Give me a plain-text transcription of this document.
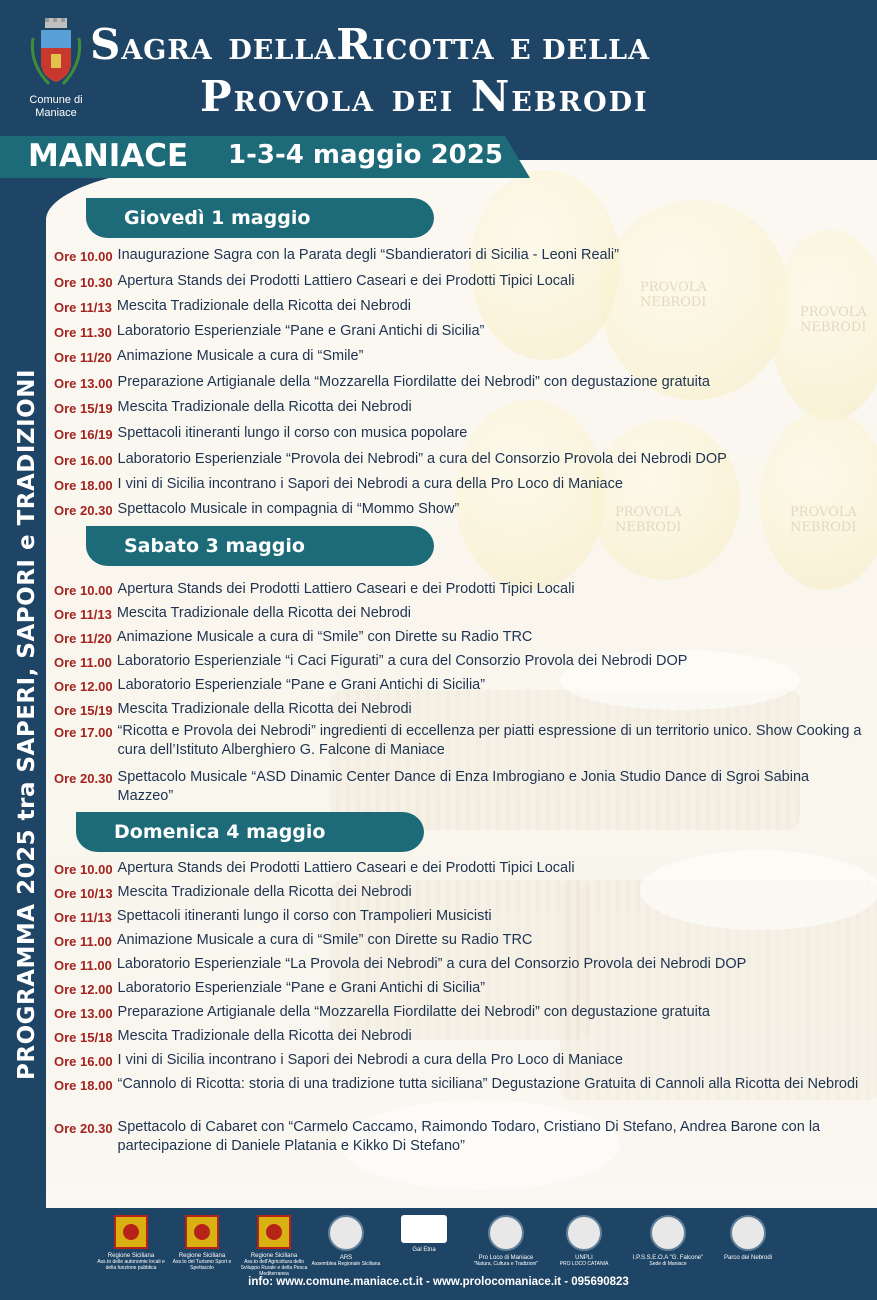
Comune di
Maniace
SAGRA DELLARICOTTA E DELLA
PROVOLA DEI NEBRODI
MANIACE 1-3-4 maggio 2025
PROGRAMMA 2025 tra SAPERI, SAPORI e TRADIZIONI
Giovedì 1 maggio
Ore 10.00 Inaugurazione Sagra con la Parata degli “Sbandieratori di Sicilia - Leoni Reali”
Ore 10.30 Apertura Stands dei Prodotti Lattiero Caseari e dei Prodotti Tipici Locali
Ore 11/13 Mescita Tradizionale della Ricotta dei Nebrodi
Ore 11.30 Laboratorio Esperienziale “Pane e Grani Antichi di Sicilia”
Ore 11/20 Animazione Musicale a cura di “Smile”
Ore 13.00 Preparazione Artigianale della “Mozzarella Fiordilatte dei Nebrodi” con degustazione gratuita
Ore 15/19 Mescita Tradizionale della Ricotta dei Nebrodi
Ore 16/19 Spettacoli itineranti lungo il corso con musica popolare
Ore 16.00 Laboratorio Esperienziale “Provola dei Nebrodi” a cura del Consorzio Provola dei Nebrodi DOP
Ore 18.00 I vini di Sicilia incontrano i Sapori dei Nebrodi a cura della Pro Loco di Maniace
Ore 20.30 Spettacolo Musicale in compagnia di “Mommo Show”
Sabato 3 maggio
Ore 10.00 Apertura Stands dei Prodotti Lattiero Caseari e dei Prodotti Tipici Locali
Ore 11/13 Mescita Tradizionale della Ricotta dei Nebrodi
Ore 11/20 Animazione Musicale a cura di “Smile” con Dirette su Radio TRC
Ore 11.00 Laboratorio Esperienziale “i Caci Figurati” a cura del Consorzio Provola dei Nebrodi DOP
Ore 12.00 Laboratorio Esperienziale “Pane e Grani Antichi di Sicilia”
Ore 15/19 Mescita Tradizionale della Ricotta dei Nebrodi
Ore 17.00 “Ricotta e Provola dei Nebrodi” ingredienti di eccellenza per piatti espressione di un territorio unico. Show Cooking a cura dell’Istituto Alberghiero G. Falcone di Maniace
Ore 20.30 Spettacolo Musicale “ASD Dinamic Center Dance di Enza Imbrogiano e Jonia Studio Dance di Sgroi Sabina Mazzeo”
Domenica 4 maggio
Ore 10.00 Apertura Stands dei Prodotti Lattiero Caseari e dei Prodotti Tipici Locali
Ore 10/13 Mescita Tradizionale della Ricotta dei Nebrodi
Ore 11/13 Spettacoli itineranti lungo il corso con Trampolieri Musicisti
Ore 11.00 Animazione Musicale a cura di “Smile” con Dirette su Radio TRC
Ore 11.00 Laboratorio Esperienziale “La Provola dei Nebrodi” a cura del Consorzio Provola dei Nebrodi DOP
Ore 12.00 Laboratorio Esperienziale “Pane e Grani Antichi di Sicilia”
Ore 13.00 Preparazione Artigianale della “Mozzarella Fiordilatte dei Nebrodi” con degustazione gratuita
Ore 15/18 Mescita Tradizionale della Ricotta dei Nebrodi
Ore 16.00 I vini di Sicilia incontrano i Sapori dei Nebrodi a cura della Pro Loco di Maniace
Ore 18.00 “Cannolo di Ricotta: storia di una tradizione tutta siciliana” Degustazione Gratuita di Cannoli alla Ricotta dei Nebrodi
Ore 20.30 Spettacolo di Cabaret con “Carmelo Caccamo, Raimondo Todaro, Cristiano Di Stefano, Andrea Barone con la partecipazione di Daniele Platania e Kikko Di Stefano”
Regione Siciliana
Ass.to delle autonomie locali e della funzione pubblica
Regione Siciliana
Ass.to del Turismo Sport e Spettacolo
Regione Siciliana
Ass.to dell'Agricoltura dello Sviluppo Rurale e della Pesca Mediterranea
ARS
Assemblea Regionale Siciliana
Gal Etna
Pro Loco di Maniace
"Natura, Cultura e Tradizioni"
UNPLI
PRO LOCO CATANIA
I.P.S.S.E.O.A "G. Falcone"
Sede di Maniace
Parco dei Nebrodi
info: www.comune.maniace.ct.it - www.prolocomaniace.it - 095690823
